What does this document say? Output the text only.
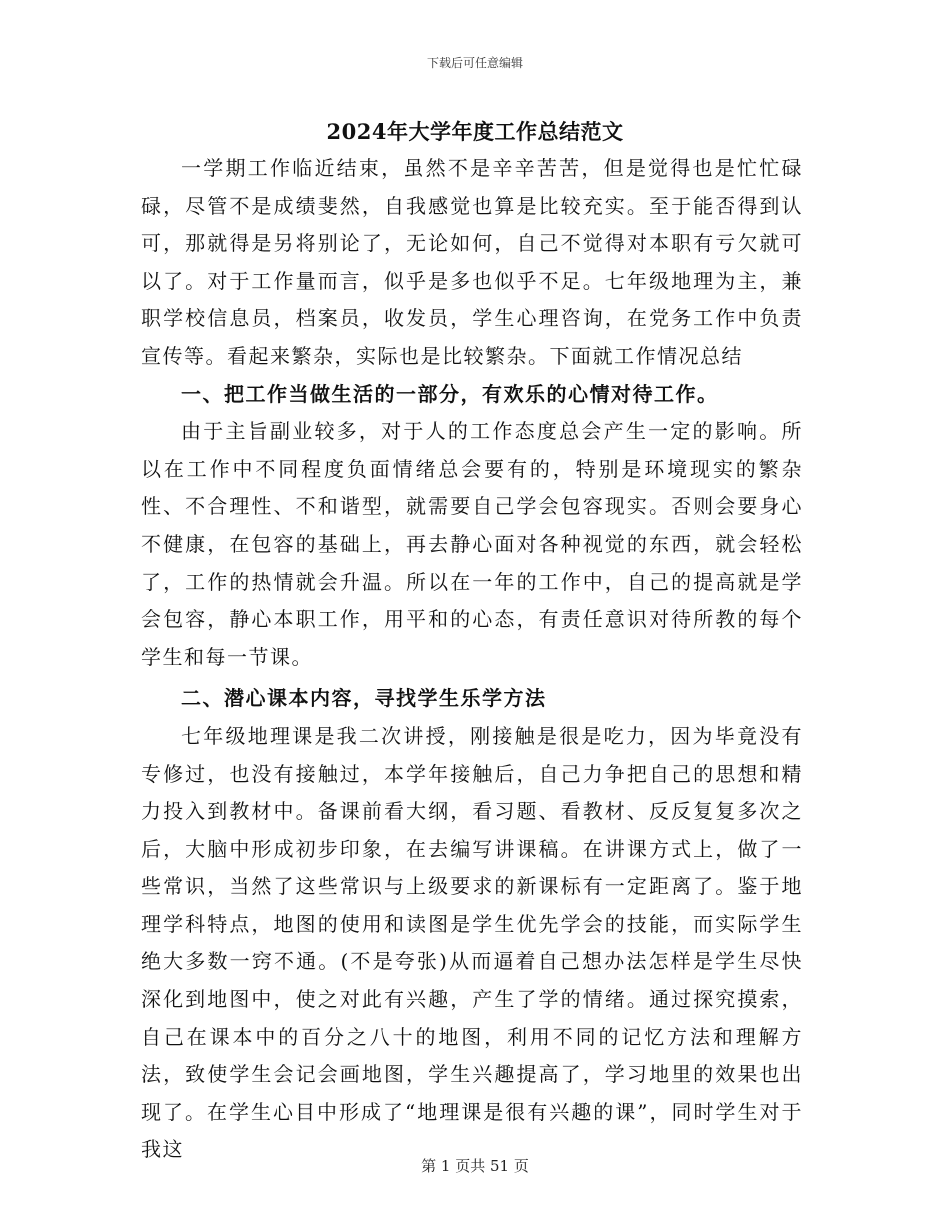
下载后可任意编辑
2024年大学年度工作总结范文

一学期工作临近结束，虽然不是辛辛苦苦，但是觉得也是忙忙碌碌，尽管不是成绩斐然，自我感觉也算是比较充实。至于能否得到认可，那就得是另将别论了，无论如何，自己不觉得对本职有亏欠就可以了。对于工作量而言，似乎是多也似乎不足。七年级地理为主，兼职学校信息员，档案员，收发员，学生心理咨询，在党务工作中负责宣传等。看起来繁杂，实际也是比较繁杂。下面就工作情况总结

一、把工作当做生活的一部分，有欢乐的心情对待工作。

由于主旨副业较多，对于人的工作态度总会产生一定的影响。所以在工作中不同程度负面情绪总会要有的，特别是环境现实的繁杂性、不合理性、不和谐型，就需要自己学会包容现实。否则会要身心不健康，在包容的基础上，再去静心面对各种视觉的东西，就会轻松了，工作的热情就会升温。所以在一年的工作中，自己的提高就是学会包容，静心本职工作，用平和的心态，有责任意识对待所教的每个学生和每一节课。

二、潜心课本内容，寻找学生乐学方法

七年级地理课是我二次讲授，刚接触是很是吃力，因为毕竟没有专修过，也没有接触过，本学年接触后，自己力争把自己的思想和精力投入到教材中。备课前看大纲，看习题、看教材、反反复复多次之后，大脑中形成初步印象，在去编写讲课稿。在讲课方式上，做了一些常识，当然了这些常识与上级要求的新课标有一定距离了。鉴于地理学科特点，地图的使用和读图是学生优先学会的技能，而实际学生绝大多数一窍不通。(不是夸张)从而逼着自己想办法怎样是学生尽快深化到地图中，使之对此有兴趣，产生了学的情绪。通过探究摸索，自己在课本中的百分之八十的地图，利用不同的记忆方法和理解方法，致使学生会记会画地图，学生兴趣提高了，学习地里的效果也出现了。在学生心目中形成了“地理课是很有兴趣的课”，同时学生对于我这

第 1 页共 51 页
